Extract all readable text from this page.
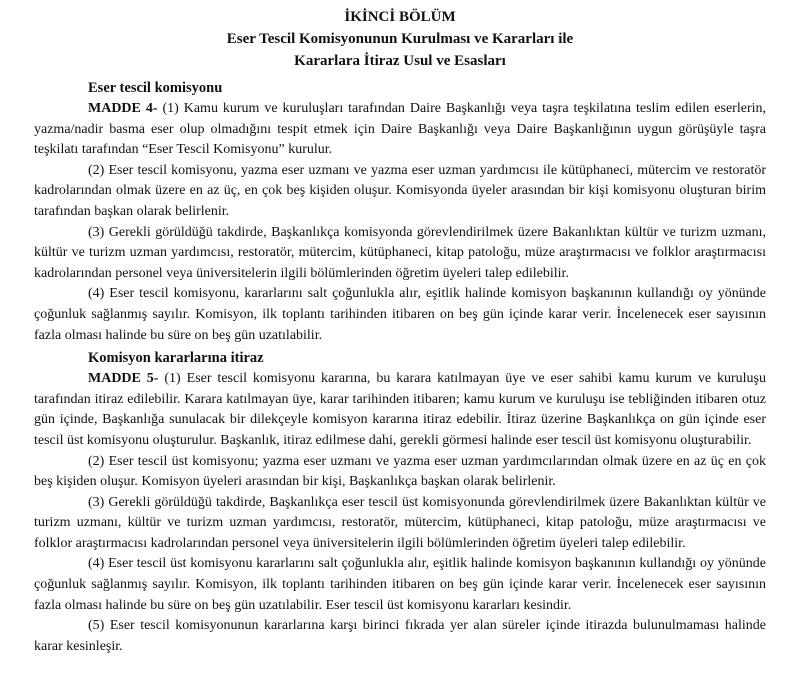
İKİNCİ BÖLÜM

Eser Tescil Komisyonunun Kurulması ve Kararları ile

Kararlara İtiraz Usul ve Esasları

Eser tescil komisyonu

MADDE 4- (1) Kamu kurum ve kuruluşları tarafından Daire Başkanlığı veya taşra teşkilatına teslim edilen eserlerin, yazma/nadir basma eser olup olmadığını tespit etmek için Daire Başkanlığı veya Daire Başkanlığının uygun görüşüyle taşra teşkilatı tarafından “Eser Tescil Komisyonu” kurulur.

(2) Eser tescil komisyonu, yazma eser uzmanı ve yazma eser uzman yardımcısı ile kütüphaneci, mütercim ve restoratör kadrolarından olmak üzere en az üç, en çok beş kişiden oluşur. Komisyonda üyeler arasından bir kişi komisyonu oluşturan birim tarafından başkan olarak belirlenir.

(3) Gerekli görüldüğü takdirde, Başkanlıkça komisyonda görevlendirilmek üzere Bakanlıktan kültür ve turizm uzmanı, kültür ve turizm uzman yardımcısı, restoratör, mütercim, kütüphaneci, kitap patoloğu, müze araştırmacısı ve folklor araştırmacısı kadrolarından personel veya üniversitelerin ilgili bölümlerinden öğretim üyeleri talep edilebilir.

(4) Eser tescil komisyonu, kararlarını salt çoğunlukla alır, eşitlik halinde komisyon başkanının kullandığı oy yönünde çoğunluk sağlanmış sayılır. Komisyon, ilk toplantı tarihinden itibaren on beş gün içinde karar verir. İncelenecek eser sayısının fazla olması halinde bu süre on beş gün uzatılabilir.

Komisyon kararlarına itiraz

MADDE 5- (1) Eser tescil komisyonu kararına, bu karara katılmayan üye ve eser sahibi kamu kurum ve kuruluşu tarafından itiraz edilebilir. Karara katılmayan üye, karar tarihinden itibaren; kamu kurum ve kuruluşu ise tebliğinden itibaren otuz gün içinde, Başkanlığa sunulacak bir dilekçeyle komisyon kararına itiraz edebilir. İtiraz üzerine Başkanlıkça on gün içinde eser tescil üst komisyonu oluşturulur. Başkanlık, itiraz edilmese dahi, gerekli görmesi halinde eser tescil üst komisyonu oluşturabilir.

(2) Eser tescil üst komisyonu; yazma eser uzmanı ve yazma eser uzman yardımcılarından olmak üzere en az üç en çok beş kişiden oluşur. Komisyon üyeleri arasından bir kişi, Başkanlıkça başkan olarak belirlenir.

(3) Gerekli görüldüğü takdirde, Başkanlıkça eser tescil üst komisyonunda görevlendirilmek üzere Bakanlıktan kültür ve turizm uzmanı, kültür ve turizm uzman yardımcısı, restoratör, mütercim, kütüphaneci, kitap patoloğu, müze araştırmacısı ve folklor araştırmacısı kadrolarından personel veya üniversitelerin ilgili bölümlerinden öğretim üyeleri talep edilebilir.

(4) Eser tescil üst komisyonu kararlarını salt çoğunlukla alır, eşitlik halinde komisyon başkanının kullandığı oy yönünde çoğunluk sağlanmış sayılır. Komisyon, ilk toplantı tarihinden itibaren on beş gün içinde karar verir. İncelenecek eser sayısının fazla olması halinde bu süre on beş gün uzatılabilir. Eser tescil üst komisyonu kararları kesindir.

(5) Eser tescil komisyonunun kararlarına karşı birinci fıkrada yer alan süreler içinde itirazda bulunulmaması halinde karar kesinleşir.
